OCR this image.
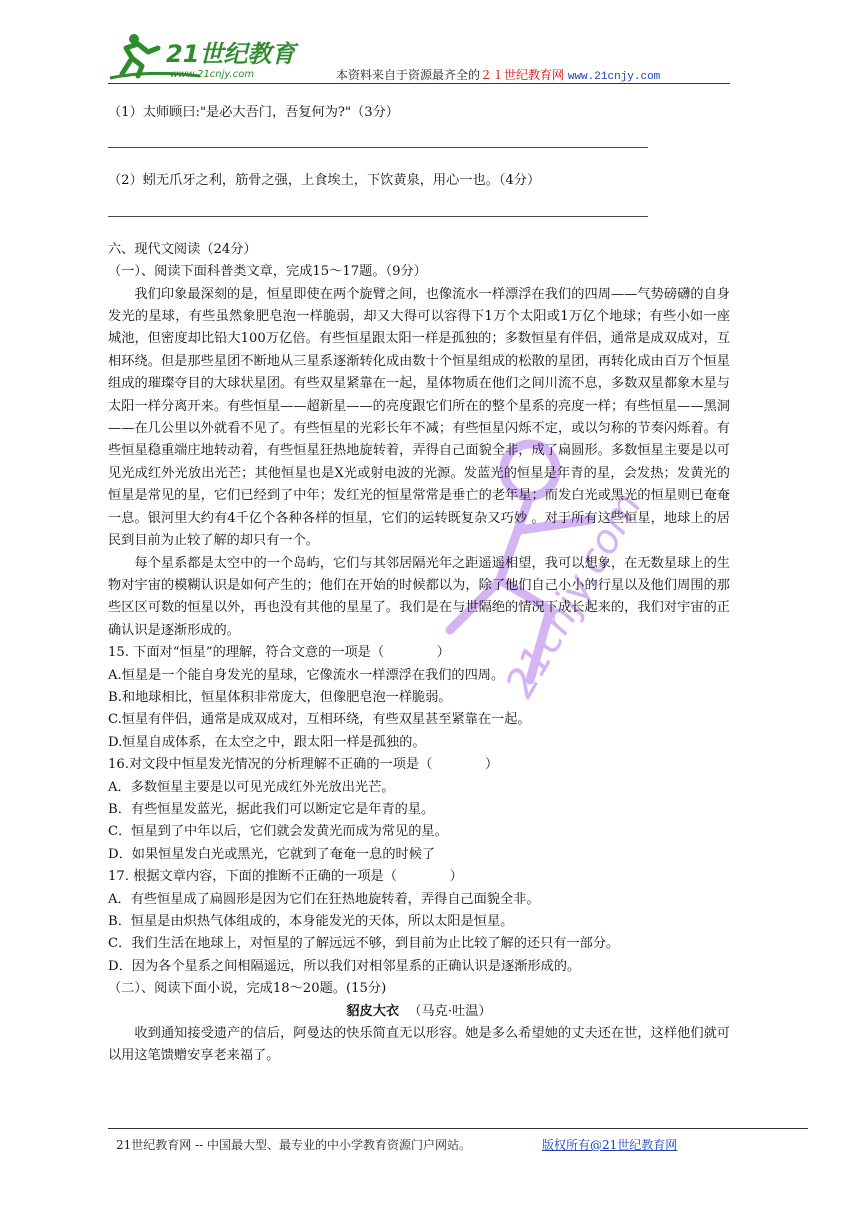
21世纪教育
www.21cnjy.com	本资料来自于资源最齐全的２１世纪教育网 www.21cnjy.com
21cnjy.com

（1）太师顾曰:"是必大吾门，吾复何为?"（3分）

（2）蚓无爪牙之利，筋骨之强，上食埃土，下饮黄泉，用心一也。（4分）

六、现代文阅读（24分）

（一）、阅读下面科普类文章，完成15～17题。（9分）

我们印象最深刻的是，恒星即使在两个旋臂之间，也像流水一样漂浮在我们的四周——气势磅礴的自身发光的星球，有些虽然象肥皂泡一样脆弱，却又大得可以容得下1万个太阳或1万亿个地球；有些小如一座城池，但密度却比铅大100万亿倍。有些恒星跟太阳一样是孤独的；多数恒星有伴侣，通常是成双成对，互相环绕。但是那些星团不断地从三星系逐渐转化成由数十个恒星组成的松散的星团，再转化成由百万个恒星组成的璀璨夺目的大球状星团。有些双星紧靠在一起，星体物质在他们之间川流不息，多数双星都象木星与太阳一样分离开来。有些恒星——超新星——的亮度跟它们所在的整个星系的亮度一样；有些恒星——黑洞——在几公里以外就看不见了。有些恒星的光彩长年不减；有些恒星闪烁不定，或以匀称的节奏闪烁着。有些恒星稳重端庄地转动着，有些恒星狂热地旋转着，弄得自己面貌全非，成了扁圆形。多数恒星主要是以可见光成红外光放出光芒；其他恒星也是X光或射电波的光源。发蓝光的恒星是年青的星，会发热；发黄光的恒星是常见的星，它们已经到了中年；发红光的恒星常常是垂亡的老年星；而发白光或黑光的恒星则已奄奄一息。银河里大约有4千亿个各种各样的恒星，它们的运转既复杂又巧妙 。对于所有这些恒星，地球上的居民到目前为止较了解的却只有一个。

每个星系都是太空中的一个岛屿，它们与其邻居隔光年之距遥遥相望，我可以想象，在无数星球上的生物对宇宙的模糊认识是如何产生的；他们在开始的时候都以为，除了他们自己小小的行星以及他们周围的那些区区可数的恒星以外，再也没有其他的星星了。我们是在与世隔绝的情况下成长起来的，我们对宇宙的正确认识是逐渐形成的。

15. 下面对“恒星”的理解，符合文意的一项是（　　　　）

A.恒星是一个能自身发光的星球，它像流水一样漂浮在我们的四周。

B.和地球相比，恒星体积非常庞大，但像肥皂泡一样脆弱。

C.恒星有伴侣，通常是成双成对，互相环绕，有些双星甚至紧靠在一起。

D.恒星自成体系，在太空之中，跟太阳一样是孤独的。

16.对文段中恒星发光情况的分析理解不正确的一项是（　　　　）

A．多数恒星主要是以可见光成红外光放出光芒。

B．有些恒星发蓝光，据此我们可以断定它是年青的星。

C．恒星到了中年以后，它们就会发黄光而成为常见的星。

D．如果恒星发白光或黑光，它就到了奄奄一息的时候了

17. 根据文章内容，下面的推断不正确的一项是（　　　　）

A．有些恒星成了扁圆形是因为它们在狂热地旋转着，弄得自己面貌全非。

B．恒星是由炽热气体组成的，本身能发光的天体，所以太阳是恒星。

C．我们生活在地球上，对恒星的了解远远不够，到目前为止比较了解的还只有一部分。

D．因为各个星系之间相隔遥远，所以我们对相邻星系的正确认识是逐渐形成的。

（二）、阅读下面小说，完成18～20题。(15分)

貂皮大衣 （马克·吐温）

收到通知接受遗产的信后，阿曼达的快乐简直无以形容。她是多么希望她的丈夫还在世，这样他们就可以用这笔馈赠安享老来福了。

21世纪教育网 -- 中国最大型、最专业的中小学教育资源门户网站。	版权所有@21世纪教育网
